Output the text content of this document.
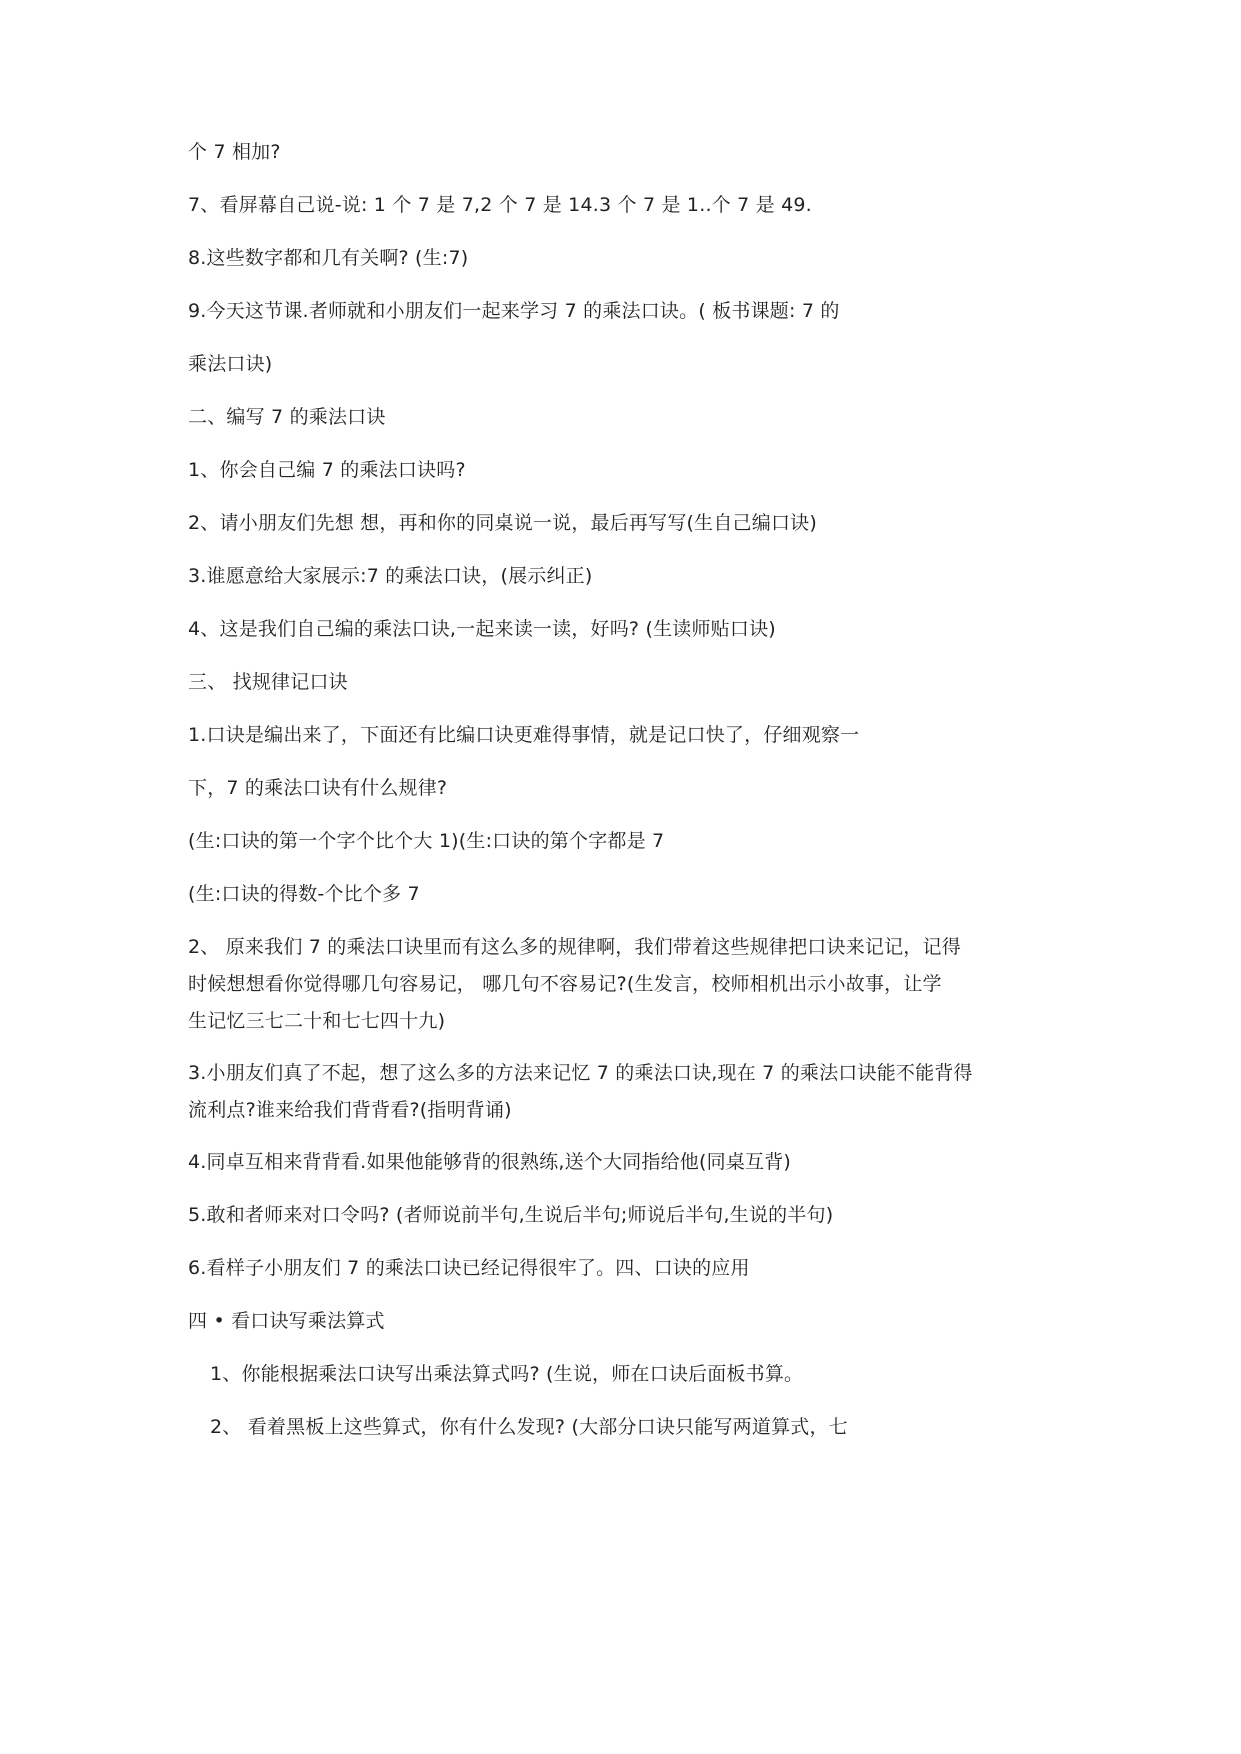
个 7 相加?
7、看屏幕自己说-说: 1 个 7 是 7,2 个 7 是 14.3 个 7 是 1..个 7 是 49.
8.这些数字都和几有关啊? (生:7)
9.今天这节课.者师就和小朋友们一起来学习 7 的乘法口诀。( 板书课题: 7 的
乘法口诀)
二、编写 7 的乘法口诀
1、你会自己编 7 的乘法口诀吗?
2、请小朋友们先想 想，再和你的同桌说一说，最后再写写(生自己编口诀)
3.谁愿意给大家展示:7 的乘法口诀，(展示纠正)
4、这是我们自己编的乘法口诀,一起来读一读，好吗? (生读师贴口诀)
三、 找规律记口诀
1.口诀是编出来了，下面还有比编口诀更难得事情，就是记口快了，仔细观察一
下，7 的乘法口诀有什么规律?
(生:口诀的第一个字个比个大 1)(生:口诀的第个字都是 7
(生:口诀的得数-个比个多 7
2、 原来我们 7 的乘法口诀里而有这么多的规律啊，我们带着这些规律把口诀来记记，记得
时候想想看你觉得哪几句容易记， 哪几句不容易记?(生发言，校师相机出示小故事，让学
生记忆三七二十和七七四十九)
3.小朋友们真了不起，想了这么多的方法来记忆 7 的乘法口诀,现在 7 的乘法口诀能不能背得
流利点?谁来给我们背背看?(指明背诵)
4.同卓互相来背背看.如果他能够背的很熟练,送个大同指给他(同桌互背)
5.敢和者师来对口令吗? (者师说前半句,生说后半句;师说后半句,生说的半句)
6.看样子小朋友们 7 的乘法口诀已经记得很牢了。四、口诀的应用
四 • 看口诀写乘法算式
1、你能根据乘法口诀写出乘法算式吗? (生说，师在口诀后面板书算。
2、 看着黑板上这些算式，你有什么发现? (大部分口诀只能写两道算式，七
